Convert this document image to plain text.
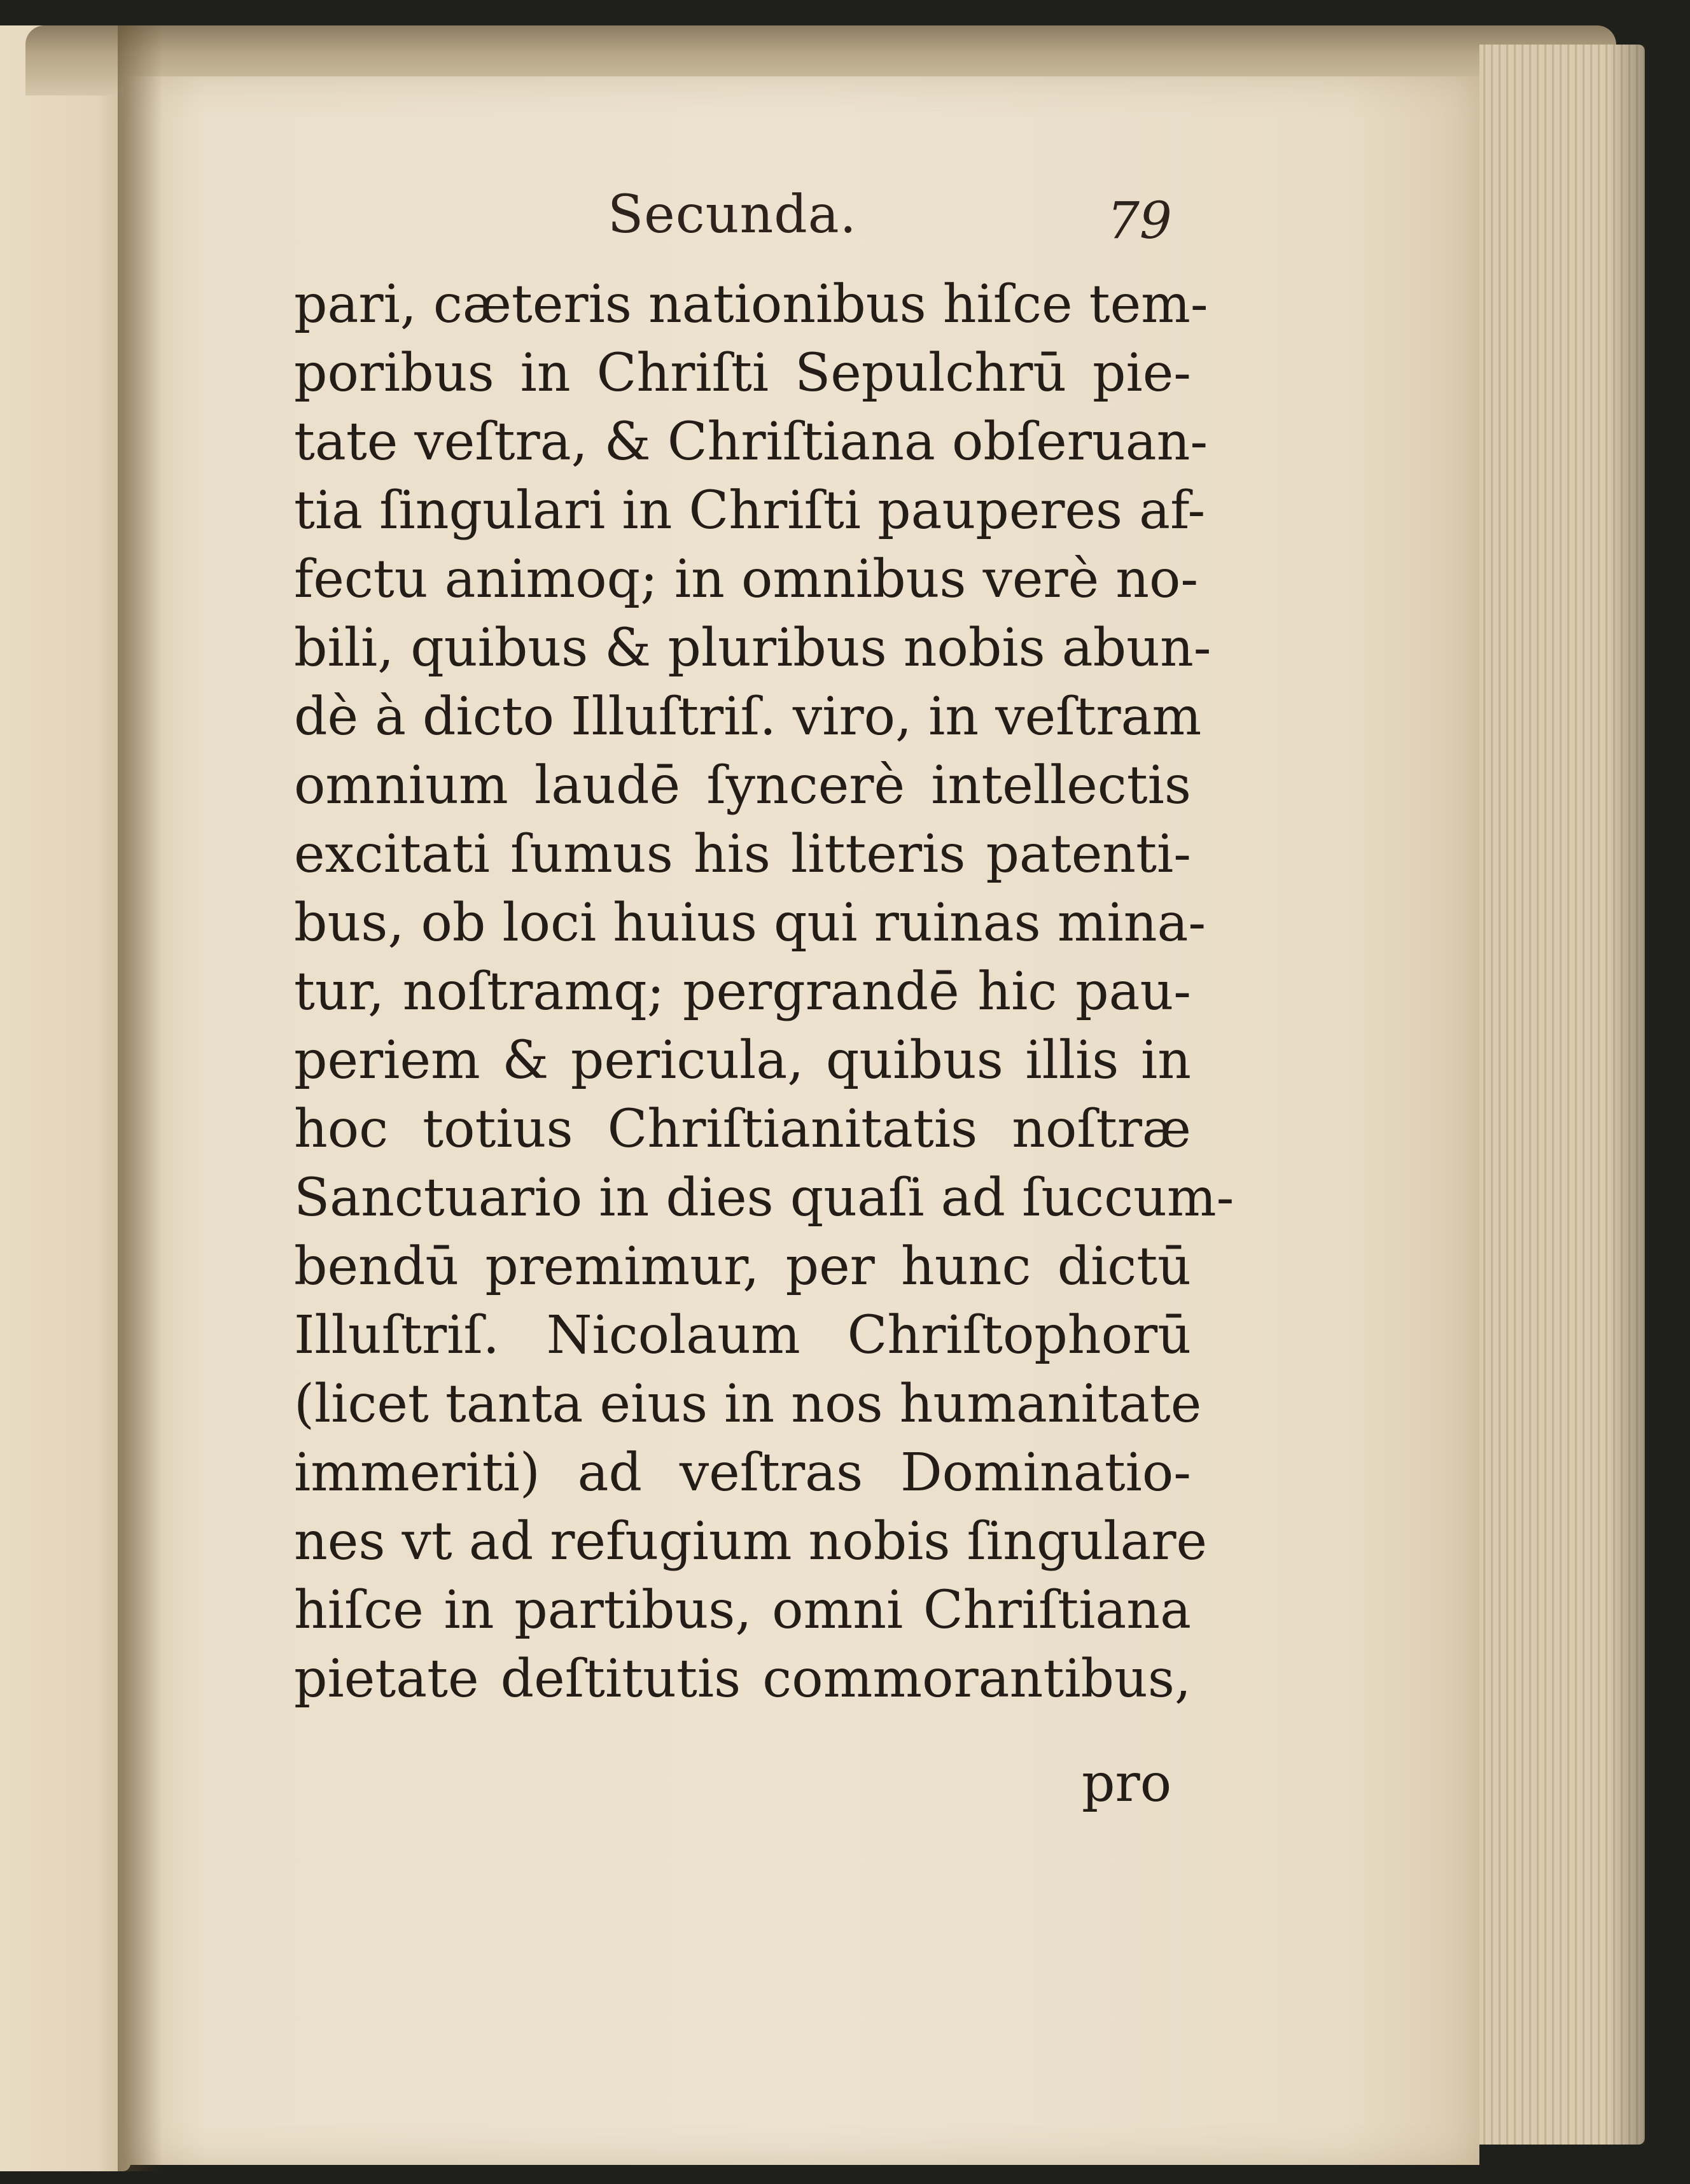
Secunda.	79
pari, cæteris nationibus hiſce tem-
poribus in Chriſti Sepulchrū pie-
tate veſtra, & Chriſtiana obſeruan-
tia ſingulari in Chriſti pauperes af-
fectu animoq; in omnibus verè no-
bili, quibus & pluribus nobis abun-
dè à dicto Illuſtriſ. viro, in veſtram
omnium laudē ſyncerè intellectis
excitati ſumus his litteris patenti-
bus, ob loci huius qui ruinas mina-
tur, noſtramq; pergrandē hic pau-
periem & pericula, quibus illis in
hoc totius Chriſtianitatis noſtræ
Sanctuario in dies quaſi ad ſuccum-
bendū premimur, per hunc dictū
Illuſtriſ. Nicolaum Chriſtophorū
(licet tanta eius in nos humanitate
immeriti) ad veſtras Dominatio-
nes vt ad refugium nobis ſingulare
hiſce in partibus, omni Chriſtiana
pietate deſtitutis commorantibus,
pro
